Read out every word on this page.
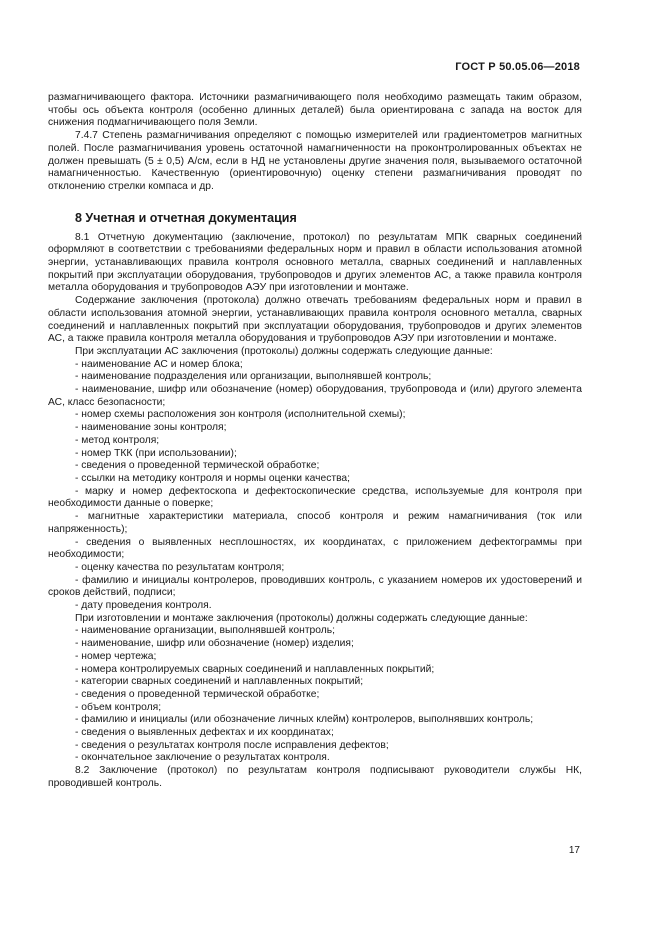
ГОСТ Р 50.05.06—2018

размагничивающего фактора. Источники размагничивающего поля необходимо размещать таким образом, чтобы ось объекта контроля (особенно длинных деталей) была ориентирована с запада на восток для снижения подмагничивающего поля Земли.

7.4.7 Степень размагничивания определяют с помощью измерителей или градиентометров магнитных полей. После размагничивания уровень остаточной намагниченности на проконтролированных объектах не должен превышать (5 ± 0,5) А/см, если в НД не установлены другие значения поля, вызываемого остаточной намагниченностью. Качественную (ориентировочную) оценку степени размагничивания проводят по отклонению стрелки компаса и др.

8 Учетная и отчетная документация

8.1 Отчетную документацию (заключение, протокол) по результатам МПК сварных соединений оформляют в соответствии с требованиями федеральных норм и правил в области использования атомной энергии, устанавливающих правила контроля основного металла, сварных соединений и наплавленных покрытий при эксплуатации оборудования, трубопроводов и других элементов АС, а также правила контроля металла оборудования и трубопроводов АЭУ при изготовлении и монтаже.

Содержание заключения (протокола) должно отвечать требованиям федеральных норм и правил в области использования атомной энергии, устанавливающих правила контроля основного металла, сварных соединений и наплавленных покрытий при эксплуатации оборудования, трубопроводов и других элементов АС, а также правила контроля металла оборудования и трубопроводов АЭУ при изготовлении и монтаже.

При эксплуатации АС заключения (протоколы) должны содержать следующие данные:

- наименование АС и номер блока;

- наименование подразделения или организации, выполнявшей контроль;

- наименование, шифр или обозначение (номер) оборудования, трубопровода и (или) другого элемента АС, класс безопасности;

- номер схемы расположения зон контроля (исполнительной схемы);

- наименование зоны контроля;

- метод контроля;

- номер ТКК (при использовании);

- сведения о проведенной термической обработке;

- ссылки на методику контроля и нормы оценки качества;

- марку и номер дефектоскопа и дефектоскопические средства, используемые для контроля при необходимости данные о поверке;

- магнитные характеристики материала, способ контроля и режим намагничивания (ток или напряженность);

- сведения о выявленных несплошностях, их координатах, с приложением дефектограммы при необходимости;

- оценку качества по результатам контроля;

- фамилию и инициалы контролеров, проводивших контроль, с указанием номеров их удостоверений и сроков действий, подписи;

- дату проведения контроля.

При изготовлении и монтаже заключения (протоколы) должны содержать следующие данные:

- наименование организации, выполнявшей контроль;

- наименование, шифр или обозначение (номер) изделия;

- номер чертежа;

- номера контролируемых сварных соединений и наплавленных покрытий;

- категории сварных соединений и наплавленных покрытий;

- сведения о проведенной термической обработке;

- объем контроля;

- фамилию и инициалы (или обозначение личных клейм) контролеров, выполнявших контроль;

- сведения о выявленных дефектах и их координатах;

- сведения о результатах контроля после исправления дефектов;

- окончательное заключение о результатах контроля.

8.2 Заключение (протокол) по результатам контроля подписывают руководители службы НК, проводившей контроль.

17
